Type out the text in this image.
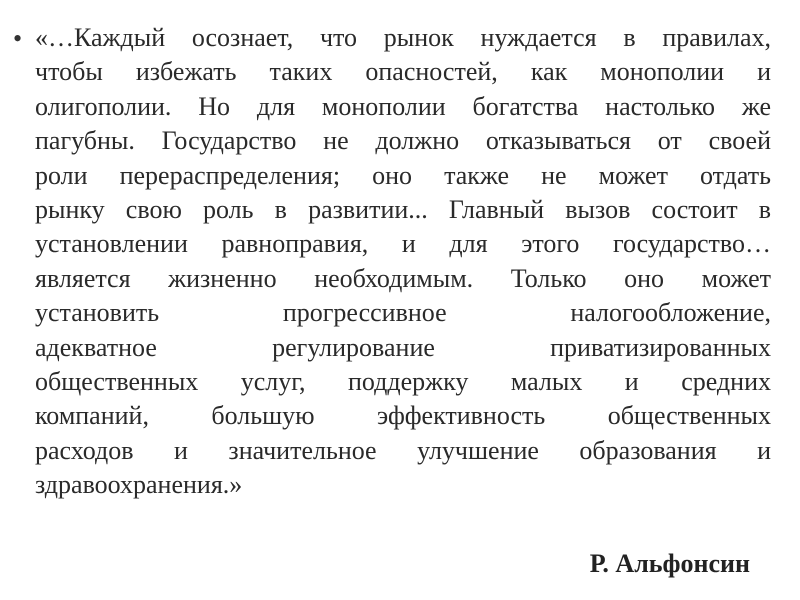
• «…Каждый осознает, что рынок нуждается в правилах,
чтобы избежать таких опасностей, как монополии и
олигополии. Но для монополии богатства настолько же
пагубны. Государство не должно отказываться от своей
роли перераспределения; оно также не может отдать
рынку свою роль в развитии... Главный вызов состоит в
установлении равноправия, и для этого государство…
является жизненно необходимым. Только оно может
установить прогрессивное налогообложение,
адекватное регулирование приватизированных
общественных услуг, поддержку малых и средних
компаний, большую эффективность общественных
расходов и значительное улучшение образования и
здравоохранения.»

Р. Альфонсин
